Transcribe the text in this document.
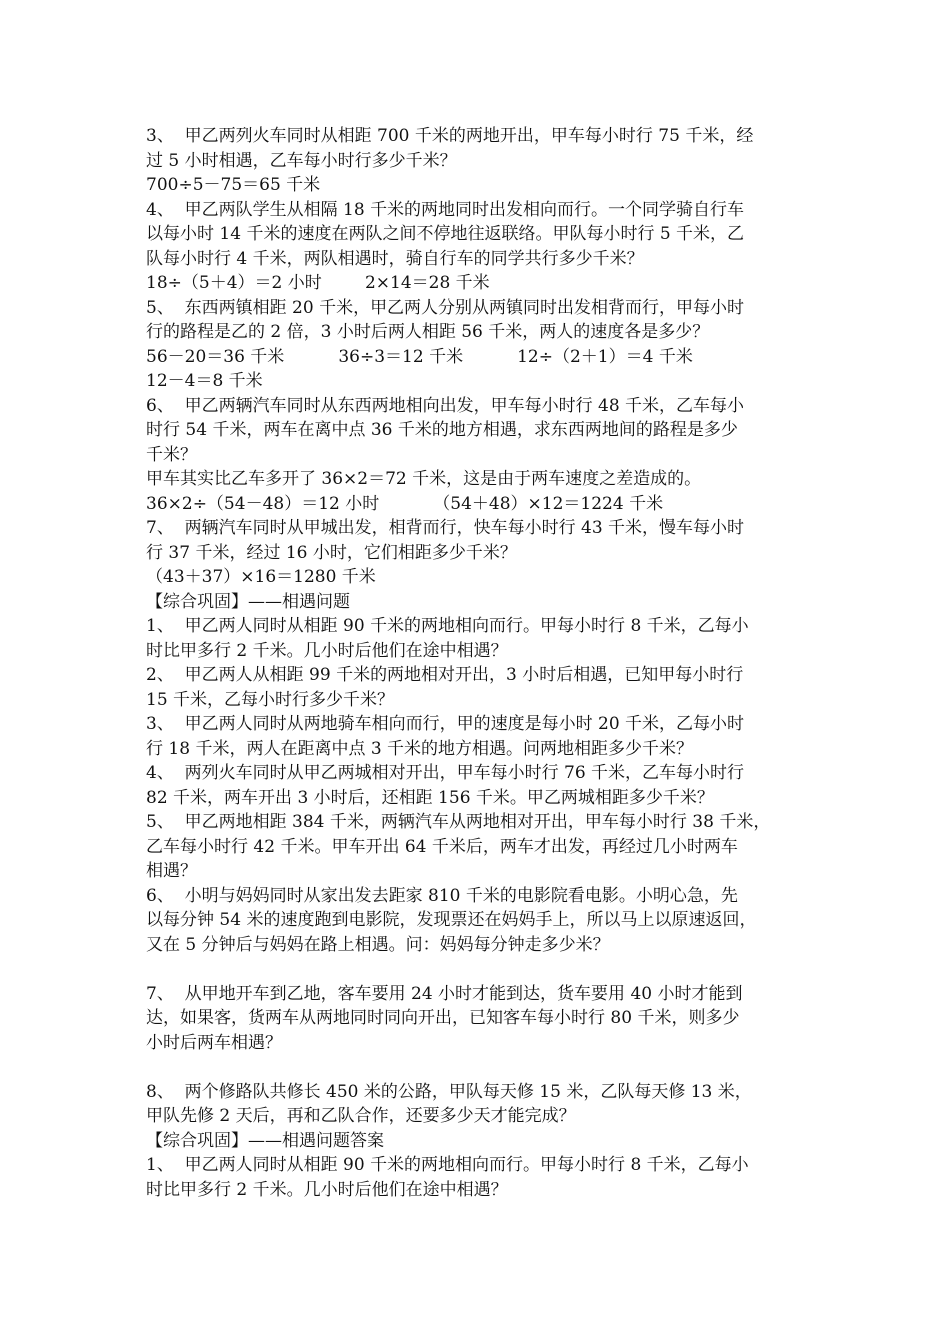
3、  甲乙两列火车同时从相距 700 千米的两地开出，甲车每小时行 75 千米，经
过 5 小时相遇，乙车每小时行多少千米？
700÷5－75＝65 千米
4、  甲乙两队学生从相隔 18 千米的两地同时出发相向而行。一个同学骑自行车
以每小时 14 千米的速度在两队之间不停地往返联络。甲队每小时行 5 千米，乙
队每小时行 4 千米，两队相遇时，骑自行车的同学共行多少千米？
18÷（5＋4）＝2 小时        2×14＝28 千米
5、  东西两镇相距 20 千米，甲乙两人分别从两镇同时出发相背而行，甲每小时
行的路程是乙的 2 倍，3 小时后两人相距 56 千米，两人的速度各是多少？
56－20＝36 千米          36÷3＝12 千米          12÷（2＋1）＝4 千米
12－4＝8 千米
6、  甲乙两辆汽车同时从东西两地相向出发，甲车每小时行 48 千米，乙车每小
时行 54 千米，两车在离中点 36 千米的地方相遇，求东西两地间的路程是多少
千米？
甲车其实比乙车多开了 36×2＝72 千米，这是由于两车速度之差造成的。
36×2÷（54－48）＝12 小时          （54＋48）×12＝1224 千米
7、  两辆汽车同时从甲城出发，相背而行，快车每小时行 43 千米，慢车每小时
行 37 千米，经过 16 小时，它们相距多少千米？
（43＋37）×16＝1280 千米
【综合巩固】——相遇问题
1、  甲乙两人同时从相距 90 千米的两地相向而行。甲每小时行 8 千米，乙每小
时比甲多行 2 千米。几小时后他们在途中相遇？
2、  甲乙两人从相距 99 千米的两地相对开出，3 小时后相遇，已知甲每小时行
15 千米，乙每小时行多少千米？
3、  甲乙两人同时从两地骑车相向而行，甲的速度是每小时 20 千米，乙每小时
行 18 千米，两人在距离中点 3 千米的地方相遇。问两地相距多少千米？
4、  两列火车同时从甲乙两城相对开出，甲车每小时行 76 千米，乙车每小时行
82 千米，两车开出 3 小时后，还相距 156 千米。甲乙两城相距多少千米？
5、  甲乙两地相距 384 千米，两辆汽车从两地相对开出，甲车每小时行 38 千米，
乙车每小时行 42 千米。甲车开出 64 千米后，两车才出发，再经过几小时两车
相遇？
6、  小明与妈妈同时从家出发去距家 810 千米的电影院看电影。小明心急，先
以每分钟 54 米的速度跑到电影院，发现票还在妈妈手上，所以马上以原速返回，
又在 5 分钟后与妈妈在路上相遇。问：妈妈每分钟走多少米？
7、  从甲地开车到乙地，客车要用 24 小时才能到达，货车要用 40 小时才能到
达，如果客，货两车从两地同时同向开出，已知客车每小时行 80 千米，则多少
小时后两车相遇？
8、  两个修路队共修长 450 米的公路，甲队每天修 15 米，乙队每天修 13 米，
甲队先修 2 天后，再和乙队合作，还要多少天才能完成？
【综合巩固】——相遇问题答案
1、  甲乙两人同时从相距 90 千米的两地相向而行。甲每小时行 8 千米，乙每小
时比甲多行 2 千米。几小时后他们在途中相遇？
